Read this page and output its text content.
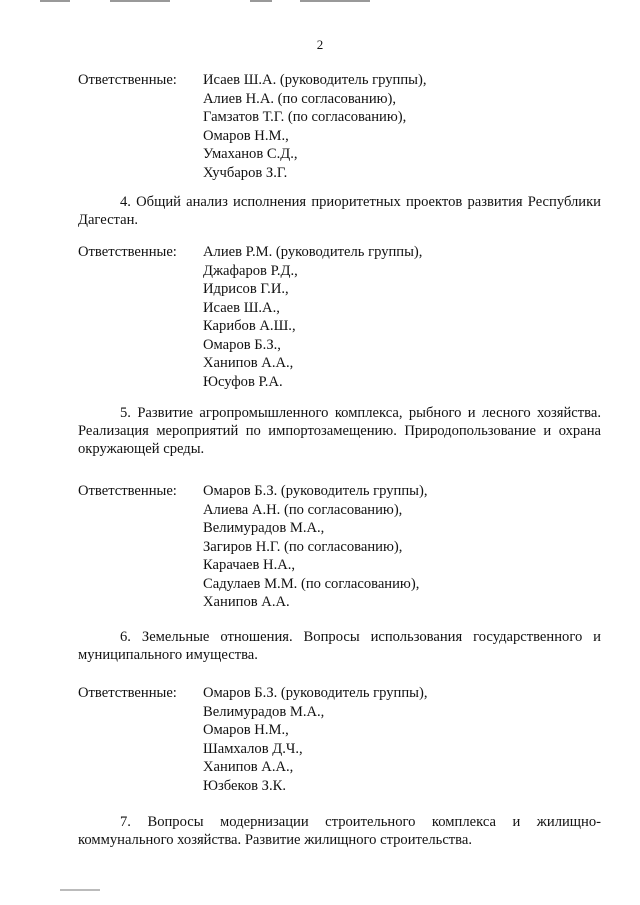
2
Ответственные: Исаев Ш.А. (руководитель группы),
Алиев Н.А. (по согласованию),
Гамзатов Т.Г. (по согласованию),
Омаров Н.М.,
Умаханов С.Д.,
Хучбаров З.Г.

4. Общий анализ исполнения приоритетных проектов развития Республики Дагестан.

Ответственные: Алиев Р.М. (руководитель группы),
Джафаров Р.Д.,
Идрисов Г.И.,
Исаев Ш.А.,
Карибов А.Ш.,
Омаров Б.З.,
Ханипов А.А.,
Юсуфов Р.А.

5. Развитие агропромышленного комплекса, рыбного и лесного хозяйства. Реализация мероприятий по импортозамещению. Природопользование и охрана окружающей среды.

Ответственные: Омаров Б.З. (руководитель группы),
Алиева А.Н. (по согласованию),
Велимурадов М.А.,
Загиров Н.Г. (по согласованию),
Карачаев Н.А.,
Садулаев М.М. (по согласованию),
Ханипов А.А.

6. Земельные отношения. Вопросы использования государственного и муниципального имущества.

Ответственные: Омаров Б.З. (руководитель группы),
Велимурадов М.А.,
Омаров Н.М.,
Шамхалов Д.Ч.,
Ханипов А.А.,
Юзбеков З.К.

7. Вопросы модернизации строительного комплекса и жилищно-коммунального хозяйства. Развитие жилищного строительства.
